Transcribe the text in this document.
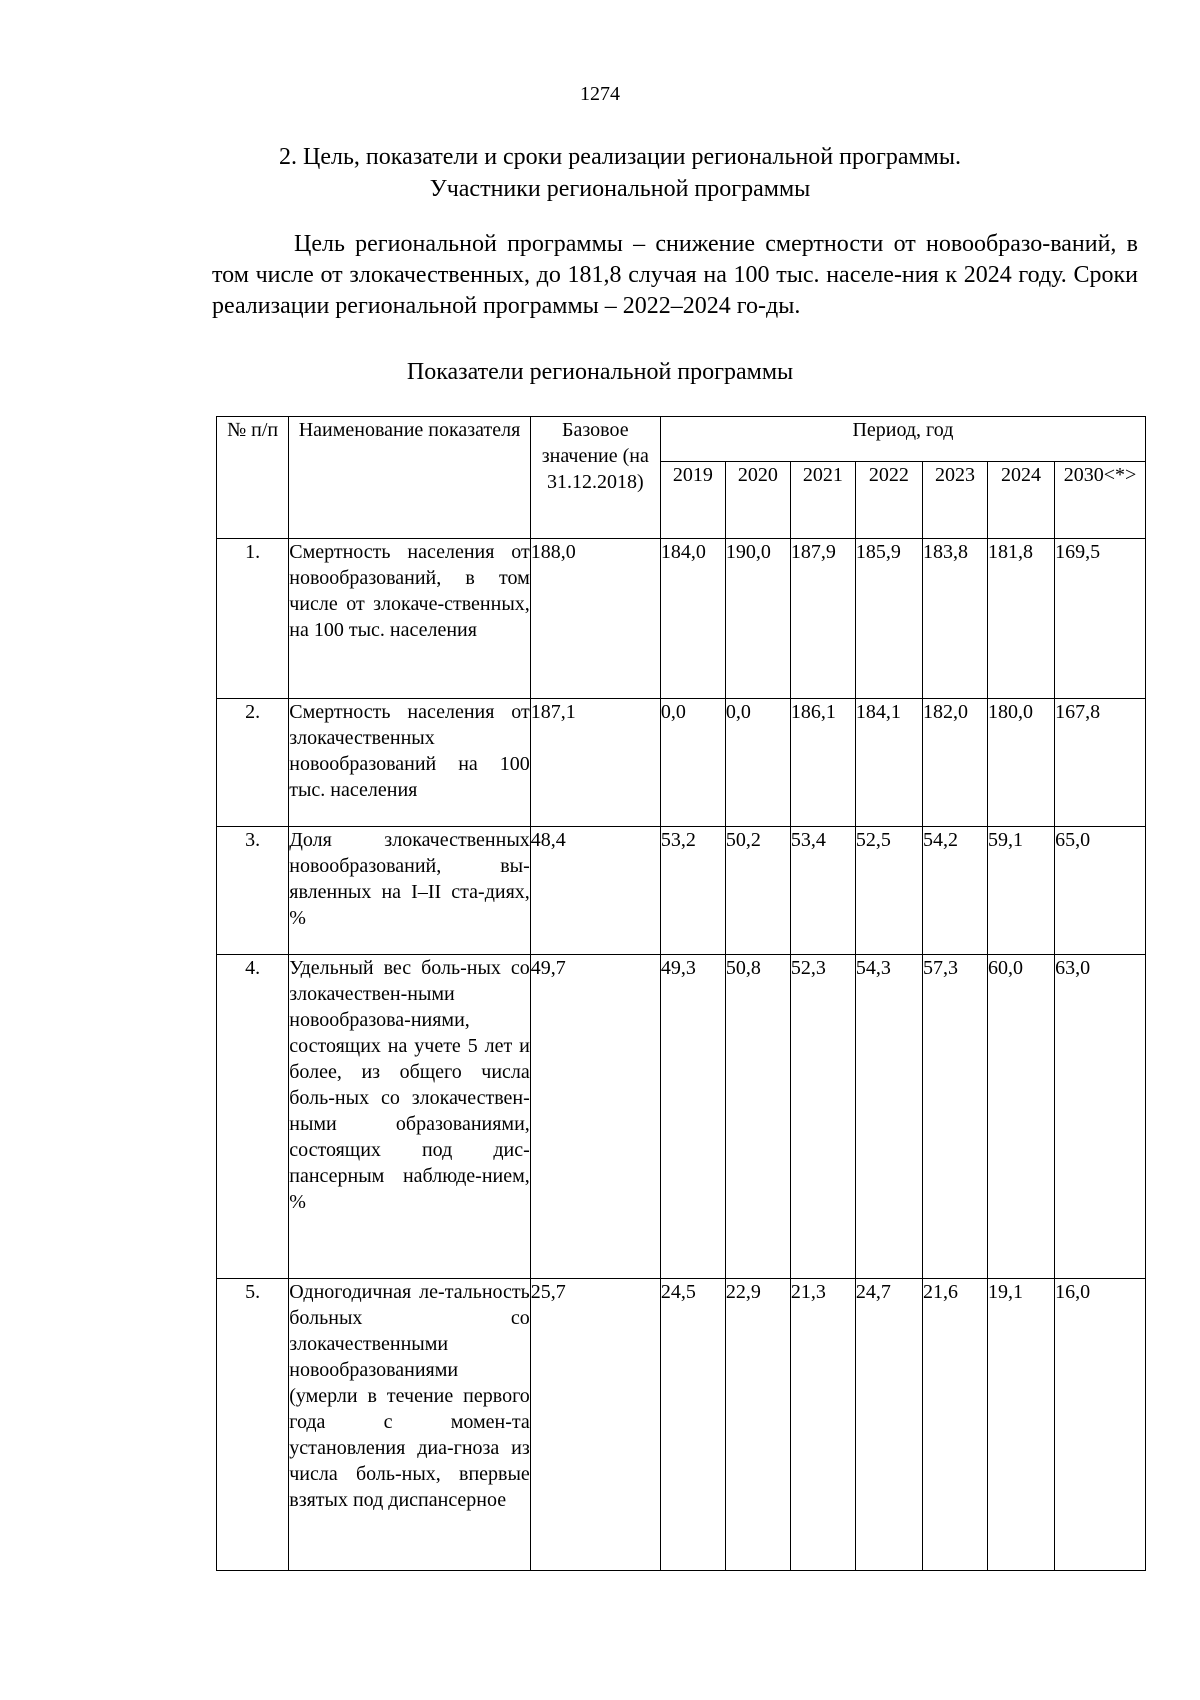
1274
2. Цель, показатели и сроки реализации региональной программы.
Участники региональной программы

Цель региональной программы – снижение смертности от новообразо-ваний, в том числе от злокачественных, до 181,8 случая на 100 тыс. населе-ния к 2024 году. Сроки реализации региональной программы – 2022–2024 го-ды.

Показатели региональной программы
№ п/п	Наименование показателя	Базовое значение (на 31.12.2018)	Период, год						
			2019	2020	2021	2022	2023	2024	2030<*>
1.	Смертность населения от новообразований, в том числе от злокаче-ственных, на 100 тыс. населения	188,0	184,0	190,0	187,9	185,9	183,8	181,8	169,5
2.	Смертность населения от злокачественных новообразований на 100 тыс. населения	187,1	0,0	0,0	186,1	184,1	182,0	180,0	167,8
3.	Доля злокачественных новообразований, вы-явленных на I–II ста-диях, %	48,4	53,2	50,2	53,4	52,5	54,2	59,1	65,0
4.	Удельный вес боль-ных со злокачествен-ными новообразова-ниями, состоящих на учете 5 лет и более, из общего числа боль-ных со злокачествен-ными образованиями, состоящих под дис-пансерным наблюде-нием, %	49,7	49,3	50,8	52,3	54,3	57,3	60,0	63,0
5.	Одногодичная ле-тальность больных со злокачественными новообразованиями (умерли в течение первого года с момен-та установления диа-гноза из числа боль-ных, впервые взятых под диспансерное	25,7	24,5	22,9	21,3	24,7	21,6	19,1	16,0
